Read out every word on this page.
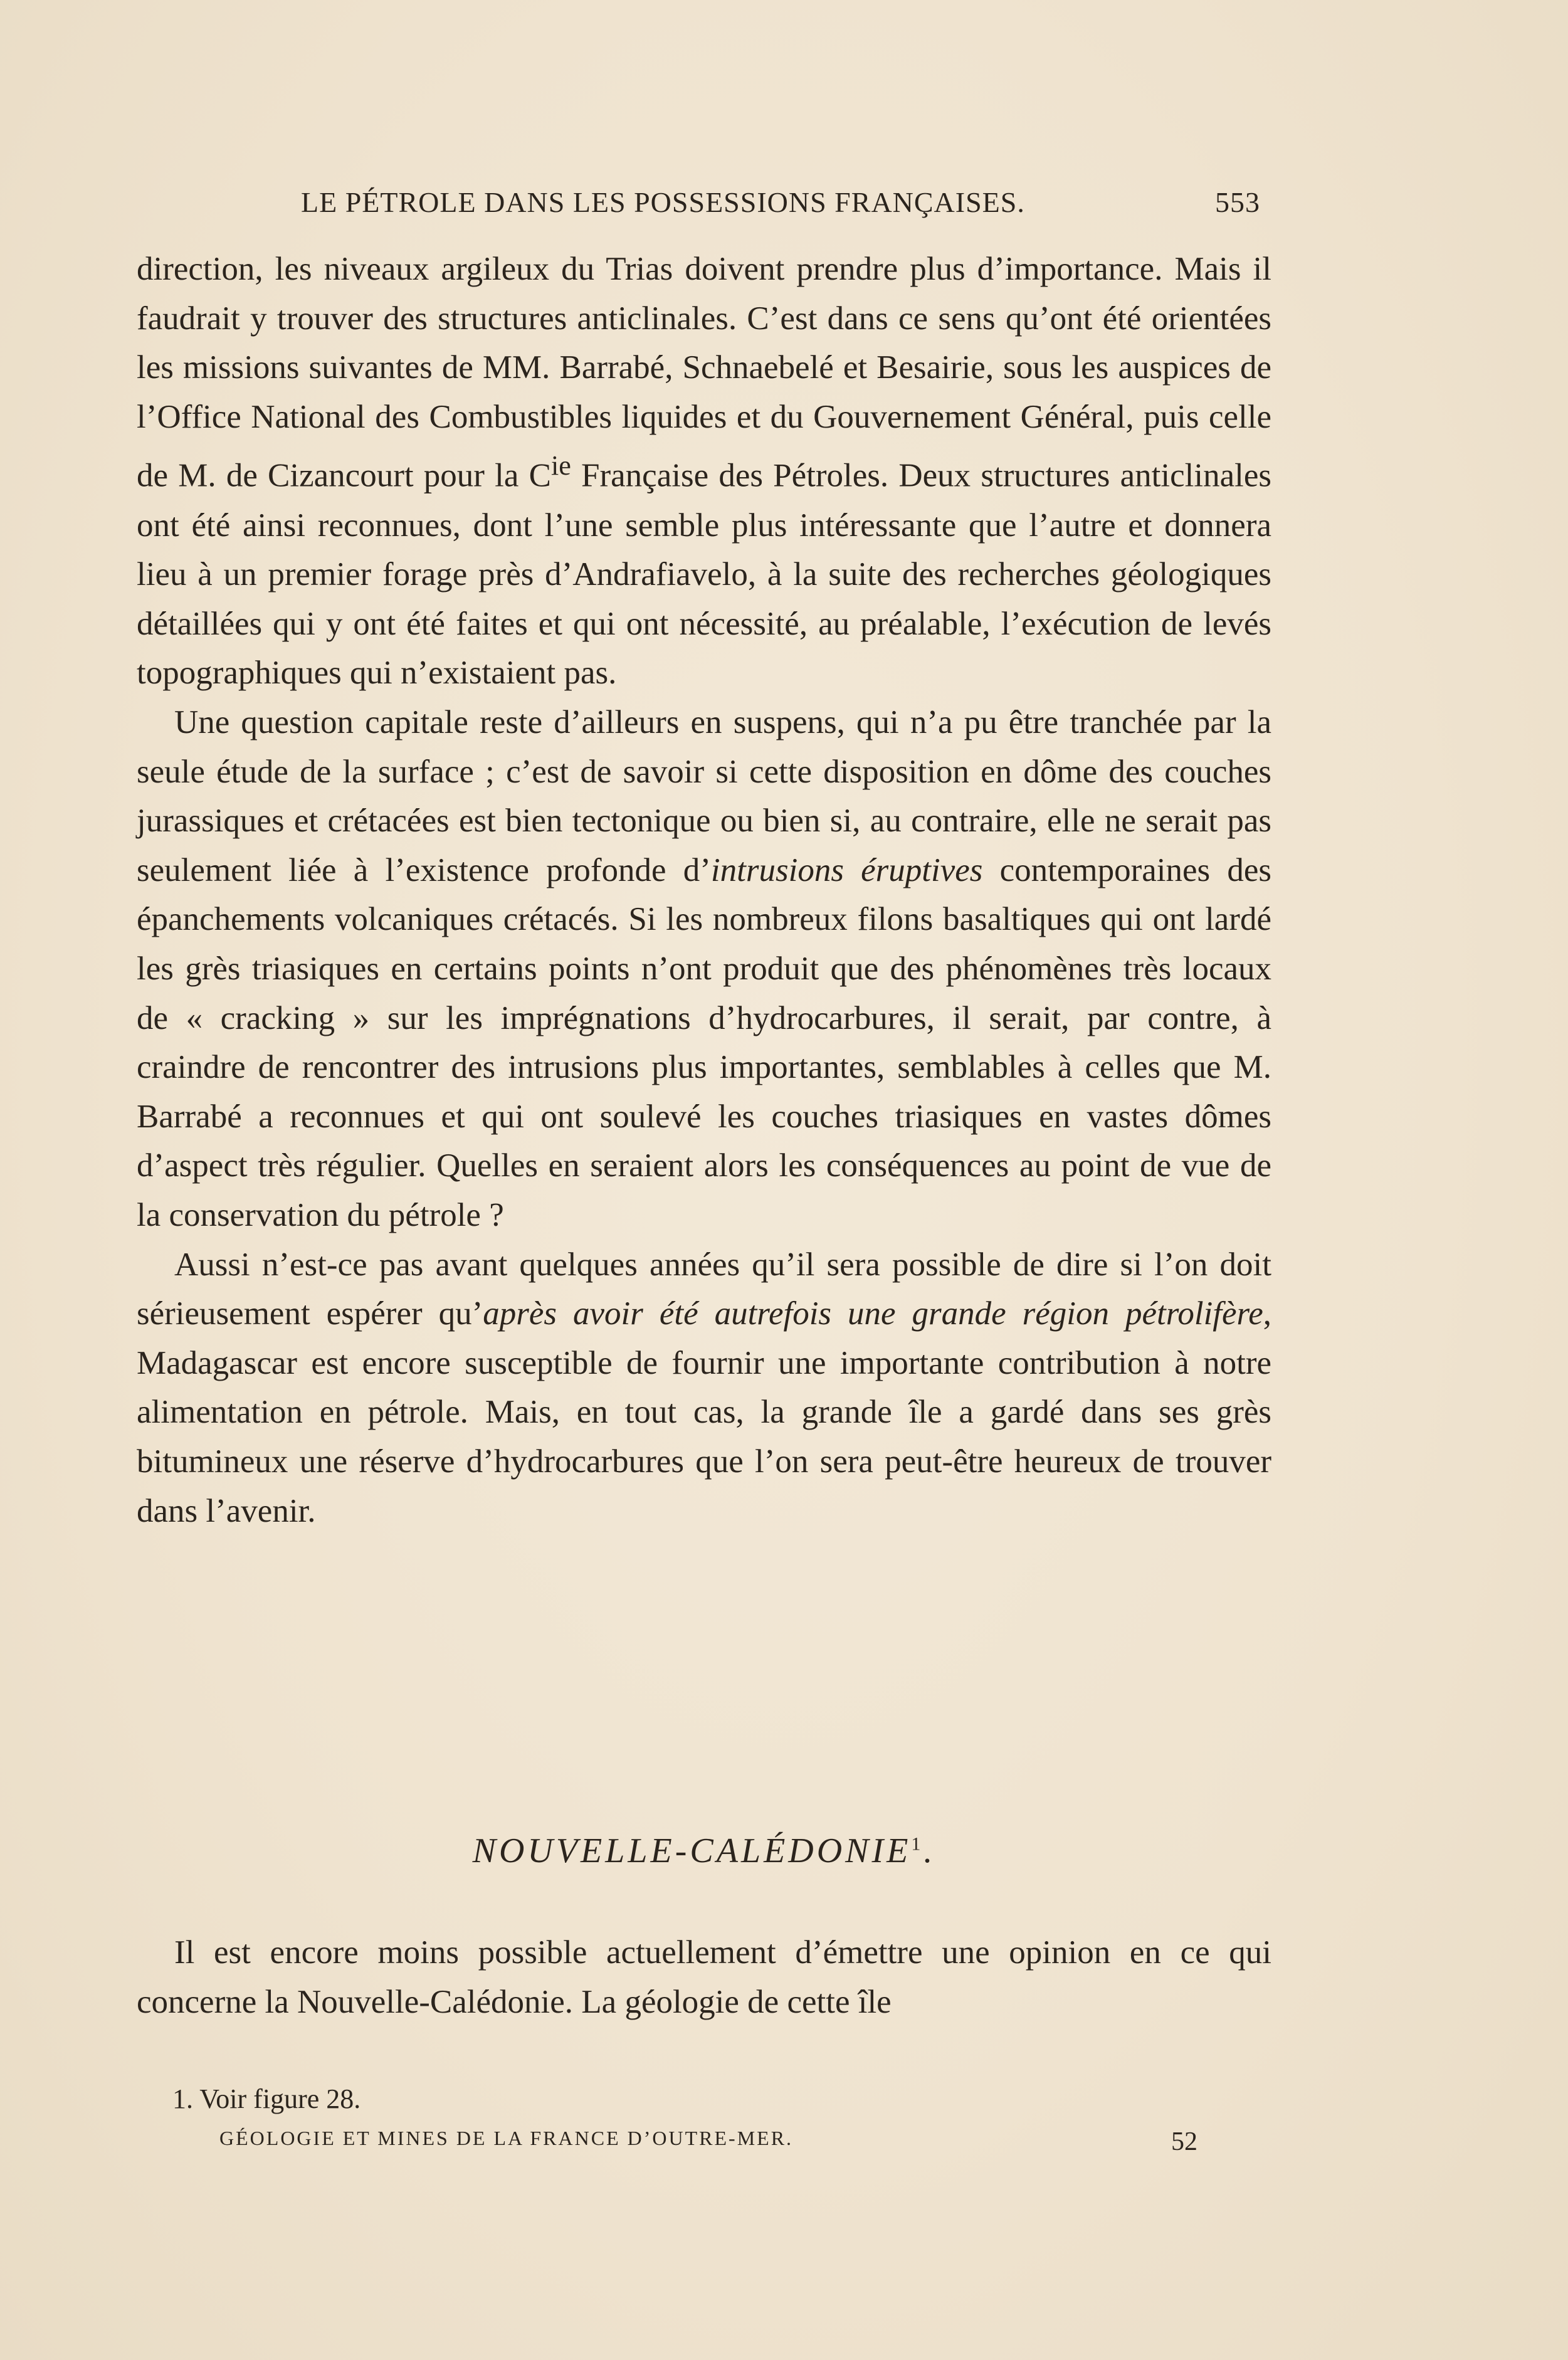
LE PÉTROLE DANS LES POSSESSIONS FRANÇAISES.	553

direction, les niveaux argileux du Trias doivent prendre plus d’importance. Mais il faudrait y trouver des structures anticlinales. C’est dans ce sens qu’ont été orientées les missions suivantes de MM. Barrabé, Schnaebelé et Besairie, sous les auspices de l’Office National des Combustibles liquides et du Gouvernement Général, puis celle de M. de Cizancourt pour la $C^{ie}$ Française des Pétroles. Deux structures anticlinales ont été ainsi reconnues, dont l’une semble plus intéressante que l’autre et donnera lieu à un premier forage près d’Andrafiavelo, à la suite des recherches géologiques détaillées qui y ont été faites et qui ont nécessité, au préalable, l’exécution de levés topographiques qui n’existaient pas.

Une question capitale reste d’ailleurs en suspens, qui n’a pu être tranchée par la seule étude de la surface ; c’est de savoir si cette disposition en dôme des couches jurassiques et crétacées est bien tectonique ou bien si, au contraire, elle ne serait pas seulement liée à l’existence profonde d’intrusions éruptives contemporaines des épanchements volcaniques crétacés. Si les nombreux filons basaltiques qui ont lardé les grès triasiques en certains points n’ont produit que des phénomènes très locaux de « cracking » sur les imprégnations d’hydrocarbures, il serait, par contre, à craindre de rencontrer des intrusions plus importantes, semblables à celles que M. Barrabé a reconnues et qui ont soulevé les couches triasiques en vastes dômes d’aspect très régulier. Quelles en seraient alors les conséquences au point de vue de la conservation du pétrole ?

Aussi n’est-ce pas avant quelques années qu’il sera possible de dire si l’on doit sérieusement espérer qu’après avoir été autrefois une grande région pétrolifère, Madagascar est encore susceptible de fournir une importante contribution à notre alimentation en pétrole. Mais, en tout cas, la grande île a gardé dans ses grès bitumineux une réserve d’hydrocarbures que l’on sera peut-être heureux de trouver dans l’avenir.

NOUVELLE-CALÉDONIE$^1$.

Il est encore moins possible actuellement d’émettre une opinion en ce qui concerne la Nouvelle-Calédonie. La géologie de cette île

1. Voir figure 28.
GÉOLOGIE ET MINES DE LA FRANCE D’OUTRE-MER.	52
